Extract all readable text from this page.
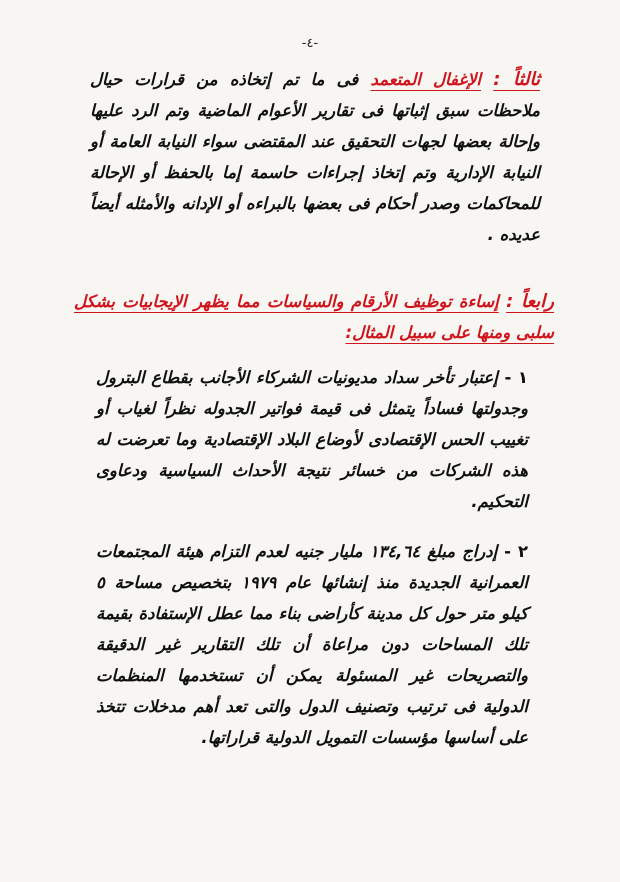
-٤-
ثالثاً : الإغفال المتعمد فى ما تم إتخاذه من قرارات حيال ملاحظات سبق إثباتها فى تقارير الأعوام الماضية وتم الرد عليها وإحالة بعضها لجهات التحقيق عند المقتضى سواء النيابة العامة أو النيابة الإدارية وتم إتخاذ إجراءات حاسمة إما بالحفظ أو الإحالة للمحاكمات وصدر أحكام فى بعضها بالبراءه أو الإدانه والأمثله أيضاً عديده .
رابعاً : إساءة توظيف الأرقام والسياسات مما يظهر الإيجابيات بشكل سلبى ومنها على سبيل المثال:
١ - إعتبار تأخر سداد مديونيات الشركاء الأجانب بقطاع البترول وجدولتها فساداً يتمثل فى قيمة فواتير الجدوله نظراً لغياب أو تغييب الحس الإقتصادى لأوضاع البلاد الإقتصادية وما تعرضت له هذه الشركات من خسائر نتيجة الأحداث السياسية ودعاوى التحكيم.
٢ - إدراج مبلغ ١٣٤,٦٤ مليار جنيه لعدم التزام هيئة المجتمعات العمرانية الجديدة منذ إنشائها عام ١٩٧٩ بتخصيص مساحة ٥ كيلو متر حول كل مدينة كأراضى بناء مما عطل الإستفادة بقيمة تلك المساحات دون مراعاة أن تلك التقارير غير الدقيقة والتصريحات غير المسئولة يمكن أن تستخدمها المنظمات الدولية فى ترتيب وتصنيف الدول والتى تعد أهم مدخلات تتخذ على أساسها مؤسسات التمويل الدولية قراراتها.
